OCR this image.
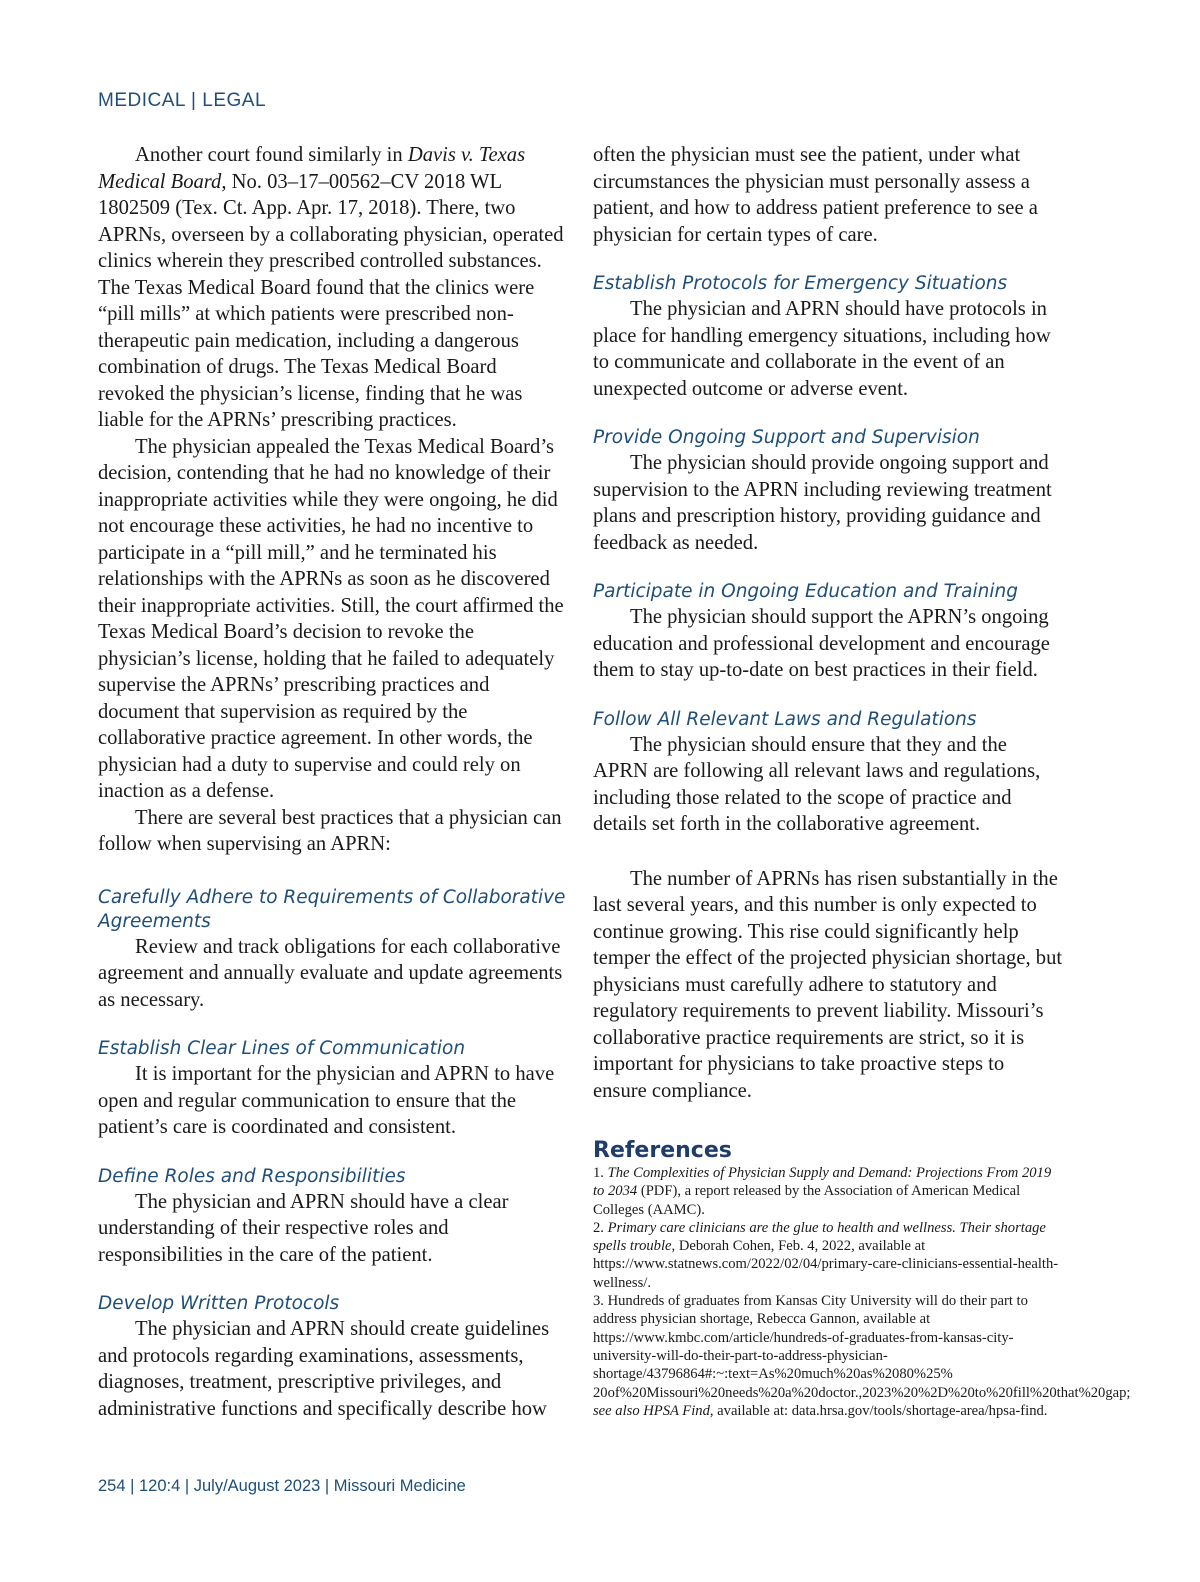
MEDICAL | LEGAL

Another court found similarly in Davis v. Texas Medical Board, No. 03–17–00562–CV 2018 WL 1802509 (Tex. Ct. App. Apr. 17, 2018). There, two APRNs, overseen by a collaborating physician, operated clinics wherein they prescribed controlled substances. The Texas Medical Board found that the clinics were “pill mills” at which patients were prescribed non-therapeutic pain medication, including a dangerous combination of drugs. The Texas Medical Board revoked the physician’s license, finding that he was liable for the APRNs’ prescribing practices.

The physician appealed the Texas Medical Board’s decision, contending that he had no knowledge of their inappropriate activities while they were ongoing, he did not encourage these activities, he had no incentive to participate in a “pill mill,” and he terminated his relationships with the APRNs as soon as he discovered their inappropriate activities. Still, the court affirmed the Texas Medical Board’s decision to revoke the physician’s license, holding that he failed to adequately supervise the APRNs’ prescribing practices and document that supervision as required by the collaborative practice agreement. In other words, the physician had a duty to supervise and could rely on inaction as a defense.

There are several best practices that a physician can follow when supervising an APRN:

Carefully Adhere to Requirements of Collaborative Agreements

Review and track obligations for each collaborative agreement and annually evaluate and update agreements as necessary.

Establish Clear Lines of Communication

It is important for the physician and APRN to have open and regular communication to ensure that the patient’s care is coordinated and consistent.

Define Roles and Responsibilities

The physician and APRN should have a clear understanding of their respective roles and responsibilities in the care of the patient.

Develop Written Protocols

The physician and APRN should create guidelines and protocols regarding examinations, assessments, diagnoses, treatment, prescriptive privileges, and administrative functions and specifically describe how

often the physician must see the patient, under what circumstances the physician must personally assess a patient, and how to address patient preference to see a physician for certain types of care.

Establish Protocols for Emergency Situations

The physician and APRN should have protocols in place for handling emergency situations, including how to communicate and collaborate in the event of an unexpected outcome or adverse event.

Provide Ongoing Support and Supervision

The physician should provide ongoing support and supervision to the APRN including reviewing treatment plans and prescription history, providing guidance and feedback as needed.

Participate in Ongoing Education and Training

The physician should support the APRN’s ongoing education and professional development and encourage them to stay up-to-date on best practices in their field.

Follow All Relevant Laws and Regulations

The physician should ensure that they and the APRN are following all relevant laws and regulations, including those related to the scope of practice and details set forth in the collaborative agreement.

The number of APRNs has risen substantially in the last several years, and this number is only expected to continue growing. This rise could significantly help temper the effect of the projected physician shortage, but physicians must carefully adhere to statutory and regulatory requirements to prevent liability. Missouri’s collaborative practice requirements are strict, so it is important for physicians to take proactive steps to ensure compliance.

References

1. The Complexities of Physician Supply and Demand: Projections From 2019 to 2034 (PDF), a report released by the Association of American Medical Colleges (AAMC).

2. Primary care clinicians are the glue to health and wellness. Their shortage spells trouble, Deborah Cohen, Feb. 4, 2022, available at https://www.statnews.com/2022/02/04/primary-care-clinicians-essential-health-wellness/.

3. Hundreds of graduates from Kansas City University will do their part to address physician shortage, Rebecca Gannon, available at https://www.kmbc.com/article/hundreds-of-graduates-from-kansas-city-university-will-do-their-part-to-address-physician-shortage/43796864#:~:text=As%20much%20as%2080%25% 20of%20Missouri%20needs%20a%20doctor.,2023%20%2D%20to%20fill%20that%20gap; see also HPSA Find, available at: data.hrsa.gov/tools/shortage-area/hpsa-find.

254 | 120:4 | July/August 2023 | Missouri Medicine
